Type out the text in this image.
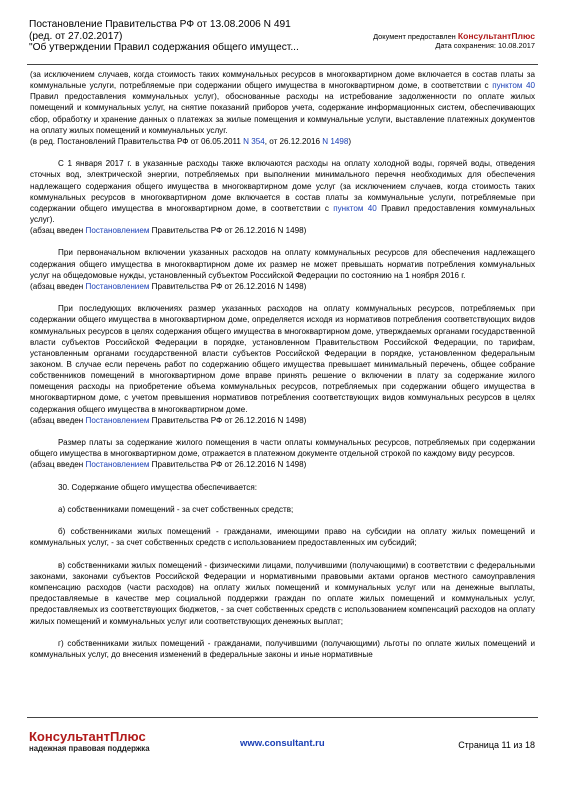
Постановление Правительства РФ от 13.08.2006 N 491
(ред. от 27.02.2017)
"Об утверждении Правил содержания общего имущест...
Документ предоставлен КонсультантПлюс
Дата сохранения: 10.08.2017

(за исключением случаев, когда стоимость таких коммунальных ресурсов в многоквартирном доме включается в состав платы за коммунальные услуги, потребляемые при содержании общего имущества в многоквартирном доме, в соответствии с пунктом 40 Правил предоставления коммунальных услуг), обоснованные расходы на истребование задолженности по оплате жилых помещений и коммунальных услуг, на снятие показаний приборов учета, содержание информационных систем, обеспечивающих сбор, обработку и хранение данных о платежах за жилые помещения и коммунальные услуги, выставление платежных документов на оплату жилых помещений и коммунальных услуг.

(в ред. Постановлений Правительства РФ от 06.05.2011 N 354, от 26.12.2016 N 1498)

С 1 января 2017 г. в указанные расходы также включаются расходы на оплату холодной воды, горячей воды, отведения сточных вод, электрической энергии, потребляемых при выполнении минимального перечня необходимых для обеспечения надлежащего содержания общего имущества в многоквартирном доме услуг (за исключением случаев, когда стоимость таких коммунальных ресурсов в многоквартирном доме включается в состав платы за коммунальные услуги, потребляемые при содержании общего имущества в многоквартирном доме, в соответствии с пунктом 40 Правил предоставления коммунальных услуг).

(абзац введен Постановлением Правительства РФ от 26.12.2016 N 1498)

При первоначальном включении указанных расходов на оплату коммунальных ресурсов для обеспечения надлежащего содержания общего имущества в многоквартирном доме их размер не может превышать норматив потребления коммунальных услуг на общедомовые нужды, установленный субъектом Российской Федерации по состоянию на 1 ноября 2016 г.

(абзац введен Постановлением Правительства РФ от 26.12.2016 N 1498)

При последующих включениях размер указанных расходов на оплату коммунальных ресурсов, потребляемых при содержании общего имущества в многоквартирном доме, определяется исходя из нормативов потребления соответствующих видов коммунальных ресурсов в целях содержания общего имущества в многоквартирном доме, утверждаемых органами государственной власти субъектов Российской Федерации в порядке, установленном Правительством Российской Федерации, по тарифам, установленным органами государственной власти субъектов Российской Федерации в порядке, установленном федеральным законом. В случае если перечень работ по содержанию общего имущества превышает минимальный перечень, общее собрание собственников помещений в многоквартирном доме вправе принять решение о включении в плату за содержание жилого помещения расходы на приобретение объема коммунальных ресурсов, потребляемых при содержании общего имущества в многоквартирном доме, с учетом превышения нормативов потребления соответствующих видов коммунальных ресурсов в целях содержания общего имущества в многоквартирном доме.

(абзац введен Постановлением Правительства РФ от 26.12.2016 N 1498)

Размер платы за содержание жилого помещения в части оплаты коммунальных ресурсов, потребляемых при содержании общего имущества в многоквартирном доме, отражается в платежном документе отдельной строкой по каждому виду ресурсов.

(абзац введен Постановлением Правительства РФ от 26.12.2016 N 1498)

30. Содержание общего имущества обеспечивается:

а) собственниками помещений - за счет собственных средств;

б) собственниками жилых помещений - гражданами, имеющими право на субсидии на оплату жилых помещений и коммунальных услуг, - за счет собственных средств с использованием предоставленных им субсидий;

в) собственниками жилых помещений - физическими лицами, получившими (получающими) в соответствии с федеральными законами, законами субъектов Российской Федерации и нормативными правовыми актами органов местного самоуправления компенсацию расходов (части расходов) на оплату жилых помещений и коммунальных услуг или на денежные выплаты, предоставляемые в качестве мер социальной поддержки граждан по оплате жилых помещений и коммунальных услуг, предоставляемых из соответствующих бюджетов, - за счет собственных средств с использованием компенсаций расходов на оплату жилых помещений и коммунальных услуг или соответствующих денежных выплат;

г) собственниками жилых помещений - гражданами, получившими (получающими) льготы по оплате жилых помещений и коммунальных услуг, до внесения изменений в федеральные законы и иные нормативные

КонсультантПлюс
надежная правовая поддержка	www.consultant.ru	Страница 11 из 18
